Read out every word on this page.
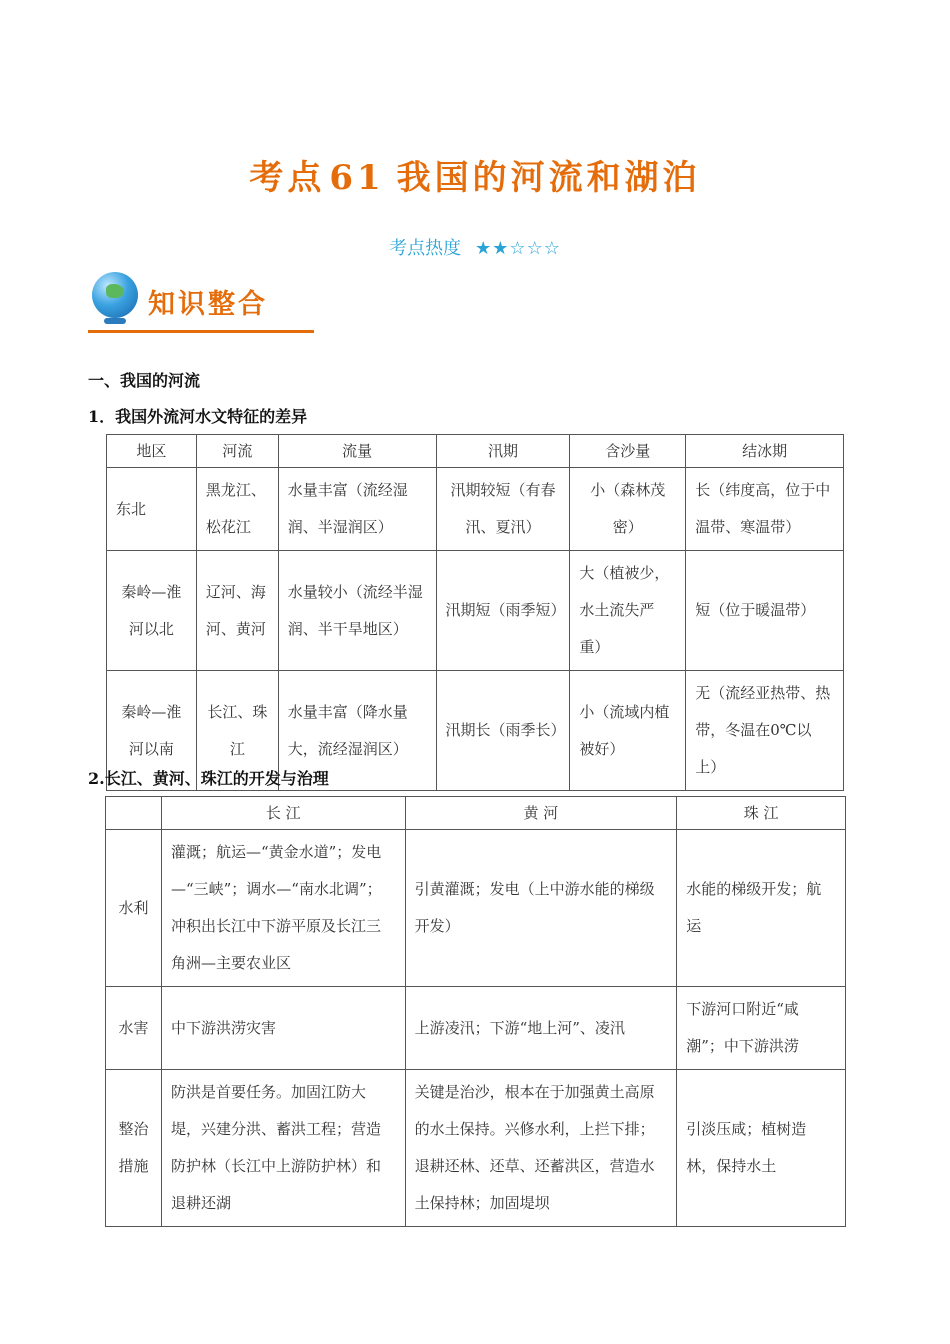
考点 61 我国的河流和湖泊
考点热度 ★★☆☆☆
知识整合
一、我国的河流
1．我国外流河水文特征的差异
地区	河流	流量	汛期	含沙量	结冰期
东北	黑龙江、松花江	水量丰富（流经湿润、半湿润区）	汛期较短（有春汛、夏汛）	小（森林茂密）	长（纬度高，位于中温带、寒温带）
秦岭—淮河以北	辽河、海河、黄河	水量较小（流经半湿润、半干旱地区）	汛期短（雨季短）	大（植被少，水土流失严重）	短（位于暖温带）
秦岭—淮河以南	长江、珠江	水量丰富（降水量大，流经湿润区）	汛期长（雨季长）	小（流域内植被好）	无（流经亚热带、热带，冬温在0℃以上）
2.长江、黄河、珠江的开发与治理
	长 江	黄 河	珠 江
水利	灌溉；航运—“黄金水道”；发电—“三峡”；调水—“南水北调”；冲积出长江中下游平原及长江三角洲—主要农业区	引黄灌溉；发电（上中游水能的梯级开发）	水能的梯级开发；航运
水害	中下游洪涝灾害	上游凌汛；下游“地上河”、凌汛	下游河口附近“咸潮”；中下游洪涝
整治措施	防洪是首要任务。加固江防大堤，兴建分洪、蓄洪工程；营造防护林（长江中上游防护林）和退耕还湖	关键是治沙，根本在于加强黄土高原的水土保持。兴修水利，上拦下排；退耕还林、还草、还蓄洪区，营造水土保持林；加固堤坝	引淡压咸；植树造林，保持水土
